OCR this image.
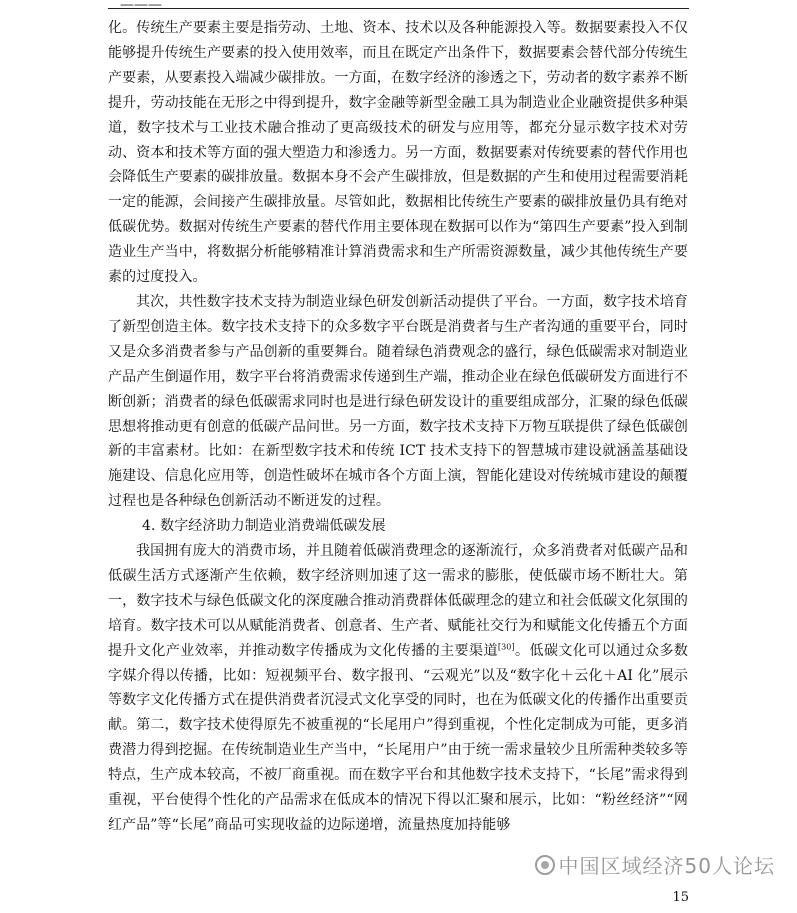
———

化。传统生产要素主要是指劳动、土地、资本、技术以及各种能源投入等。数据要素投入不仅能够提升传统生产要素的投入使用效率，而且在既定产出条件下，数据要素会替代部分传统生产要素，从要素投入端减少碳排放。一方面，在数字经济的渗透之下，劳动者的数字素养不断提升，劳动技能在无形之中得到提升，数字金融等新型金融工具为制造业企业融资提供多种渠道，数字技术与工业技术融合推动了更高级技术的研发与应用等，都充分显示数字技术对劳动、资本和技术等方面的强大塑造力和渗透力。另一方面，数据要素对传统要素的替代作用也会降低生产要素的碳排放量。数据本身不会产生碳排放，但是数据的产生和使用过程需要消耗一定的能源，会间接产生碳排放量。尽管如此，数据相比传统生产要素的碳排放量仍具有绝对低碳优势。数据对传统生产要素的替代作用主要体现在数据可以作为“第四生产要素”投入到制造业生产当中，将数据分析能够精准计算消费需求和生产所需资源数量，减少其他传统生产要素的过度投入。

其次，共性数字技术支持为制造业绿色研发创新活动提供了平台。一方面，数字技术培育了新型创造主体。数字技术支持下的众多数字平台既是消费者与生产者沟通的重要平台，同时又是众多消费者参与产品创新的重要舞台。随着绿色消费观念的盛行，绿色低碳需求对制造业产品产生倒逼作用，数字平台将消费需求传递到生产端，推动企业在绿色低碳研发方面进行不断创新；消费者的绿色低碳需求同时也是进行绿色研发设计的重要组成部分，汇聚的绿色低碳思想将推动更有创意的低碳产品问世。另一方面，数字技术支持下万物互联提供了绿色低碳创新的丰富素材。比如：在新型数字技术和传统 ICT 技术支持下的智慧城市建设就涵盖基础设施建设、信息化应用等，创造性破坏在城市各个方面上演，智能化建设对传统城市建设的颠覆过程也是各种绿色创新活动不断迸发的过程。

4. 数字经济助力制造业消费端低碳发展

我国拥有庞大的消费市场，并且随着低碳消费理念的逐渐流行，众多消费者对低碳产品和低碳生活方式逐渐产生依赖，数字经济则加速了这一需求的膨胀，使低碳市场不断壮大。第一，数字技术与绿色低碳文化的深度融合推动消费群体低碳理念的建立和社会低碳文化氛围的培育。数字技术可以从赋能消费者、创意者、生产者、赋能社交行为和赋能文化传播五个方面提升文化产业效率，并推动数字传播成为文化传播的主要渠道[30]。低碳文化可以通过众多数字媒介得以传播，比如：短视频平台、数字报刊、“云观光”以及“数字化＋云化＋AI 化”展示等数字文化传播方式在提供消费者沉浸式文化享受的同时，也在为低碳文化的传播作出重要贡献。第二，数字技术使得原先不被重视的“长尾用户”得到重视，个性化定制成为可能，更多消费潜力得到挖掘。在传统制造业生产当中，“长尾用户”由于统一需求量较少且所需种类较多等特点，生产成本较高，不被厂商重视。而在数字平台和其他数字技术支持下，“长尾”需求得到重视，平台使得个性化的产品需求在低成本的情况下得以汇聚和展示，比如：“粉丝经济”“网红产品”等“长尾”商品可实现收益的边际递增，流量热度加持能够

中国区域经济50人论坛
15
